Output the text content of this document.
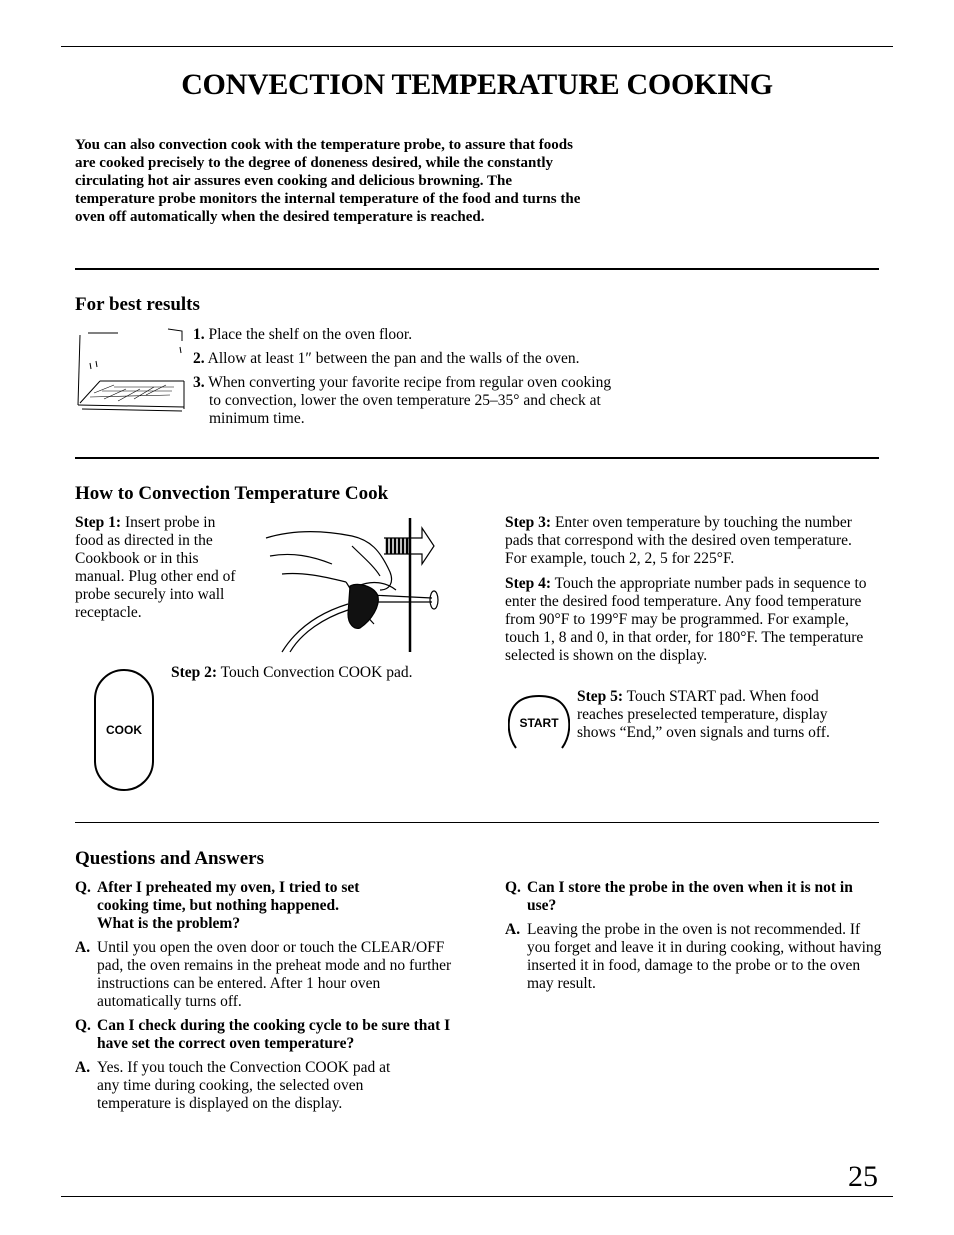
CONVECTION TEMPERATURE COOKING
You can also convection cook with the temperature probe, to assure that foods are cooked precisely to the degree of doneness desired, while the constantly circulating hot air assures even cooking and delicious browning. The temperature probe monitors the internal temperature of the food and turns the oven off automatically when the desired temperature is reached.
For best results
1. Place the shelf on the oven floor.
2. Allow at least 1″ between the pan and the walls of the oven.
3. When converting your favorite recipe from regular oven cooking to convection, lower the oven temperature 25–35° and check at minimum time.
How to Convection Temperature Cook
Step 1: Insert probe in food as directed in the Cookbook or in this manual. Plug other end of probe securely into wall receptacle.
Step 2: Touch Convection COOK pad.
COOK
Step 3: Enter oven temperature by touching the number pads that correspond with the desired oven temperature. For example, touch 2, 2, 5 for 225°F.
Step 4: Touch the appropriate number pads in sequence to enter the desired food temperature. Any food temperature from 90°F to 199°F may be programmed. For example, touch 1, 8 and 0, in that order, for 180°F. The temperature selected is shown on the display.
START
Step 5: Touch START pad. When food reaches preselected temperature, display shows “End,” oven signals and turns off.
Questions and Answers
Q. After I preheated my oven, I tried to set cooking time, but nothing happened. What is the problem?
A. Until you open the oven door or touch the CLEAR/OFF pad, the oven remains in the preheat mode and no further instructions can be entered. After 1 hour oven automatically turns off.
Q. Can I check during the cooking cycle to be sure that I have set the correct oven temperature?
A. Yes. If you touch the Convection COOK pad at any time during cooking, the selected oven temperature is displayed on the display.
Q. Can I store the probe in the oven when it is not in use?
A. Leaving the probe in the oven is not recommended. If you forget and leave it in during cooking, without having inserted it in food, damage to the probe or to the oven may result.
25
